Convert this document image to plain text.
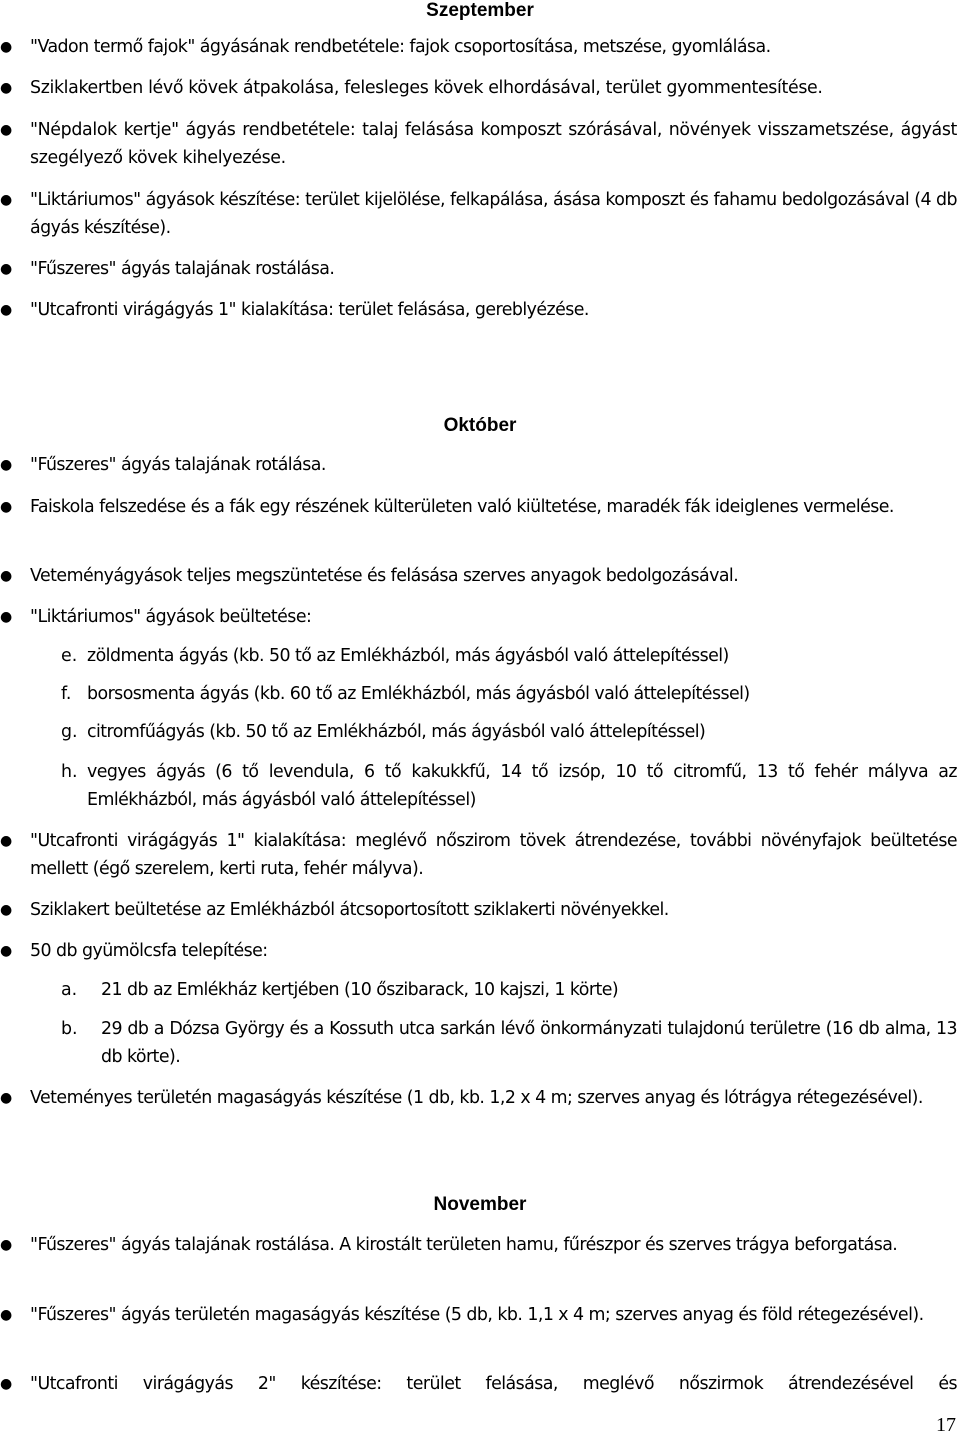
Szeptember
● "Vadon termő fajok" ágyásának rendbetétele: fajok csoportosítása, metszése, gyomlálása.
● Sziklakertben lévő kövek átpakolása, felesleges kövek elhordásával, terület gyommentesítése.
● "Népdalok kertje" ágyás rendbetétele: talaj felásása komposzt szórásával, növények visszametszése, ágyást szegélyező kövek kihelyezése.
● "Liktáriumos" ágyások készítése: terület kijelölése, felkapálása, ásása komposzt és fahamu bedolgozásával (4 db ágyás készítése).
● "Fűszeres" ágyás talajának rostálása.
● "Utcafronti virágágyás 1" kialakítása: terület felásása, gereblyézése.
Október
● "Fűszeres" ágyás talajának rotálása.
● Faiskola felszedése és a fák egy részének külterületen való kiültetése, maradék fák ideiglenes vermelése.
● Veteményágyások teljes megszüntetése és felásása szerves anyagok bedolgozásával.
● "Liktáriumos" ágyások beültetése:
e. zöldmenta ágyás (kb. 50 tő az Emlékházból, más ágyásból való áttelepítéssel)
f. borsosmenta ágyás (kb. 60 tő az Emlékházból, más ágyásból való áttelepítéssel)
g. citromfűágyás (kb. 50 tő az Emlékházból, más ágyásból való áttelepítéssel)
h. vegyes ágyás (6 tő levendula, 6 tő kakukkfű, 14 tő izsóp, 10 tő citromfű, 13 tő fehér mályva az Emlékházból, más ágyásból való áttelepítéssel)
● "Utcafronti virágágyás 1" kialakítása: meglévő nőszirom tövek átrendezése, további növényfajok beültetése mellett (égő szerelem, kerti ruta, fehér mályva).
● Sziklakert beültetése az Emlékházból átcsoportosított sziklakerti növényekkel.
● 50 db gyümölcsfa telepítése:
a.	21 db az Emlékház kertjében (10 őszibarack, 10 kajszi, 1 körte)
b.	29 db a Dózsa György és a Kossuth utca sarkán lévő önkormányzati tulajdonú területre (16 db alma, 13 db körte).
● Veteményes területén magaságyás készítése (1 db, kb. 1,2 x 4 m; szerves anyag és lótrágya rétegezésével).
November
● "Fűszeres" ágyás talajának rostálása. A kirostált területen hamu, fűrészpor és szerves trágya beforgatása.
● "Fűszeres" ágyás területén magaságyás készítése (5 db, kb. 1,1 x 4 m; szerves anyag és föld rétegezésével).
● "Utcafronti virágágyás 2" készítése: terület felásása, meglévő nőszirmok átrendezésével és
17
